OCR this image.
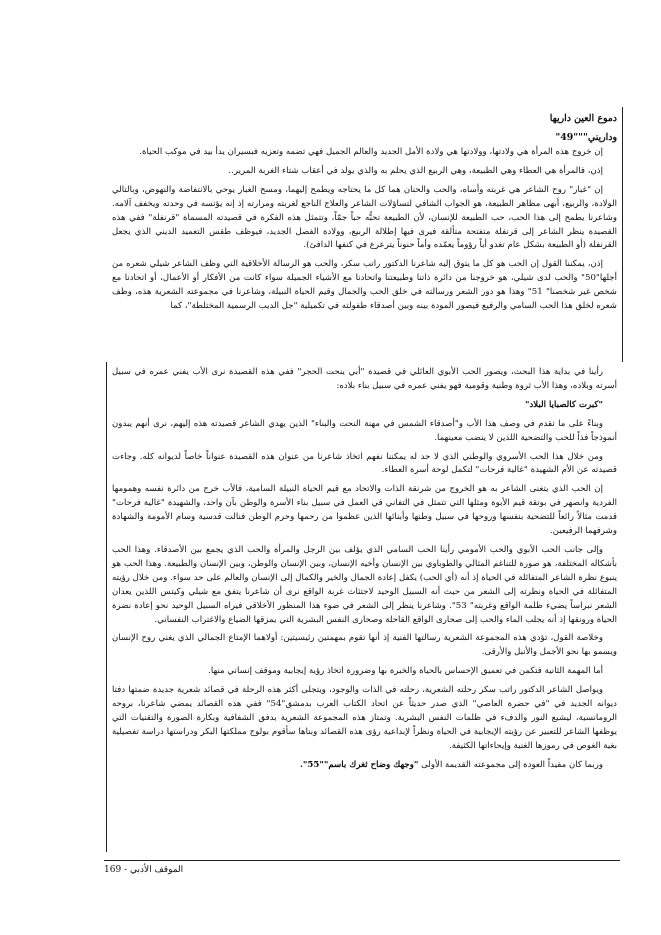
دموع العين داريها

وداريني"""49"

إن خروج هذه المرأة هي ولادتها، وولادتها هي ولادة الأمل الجديد والعالم الجميل فهي تضمه وتعزيه فبسيران يدأ بيد في موكب الحياة.

إذن، فالمرأة هي العطاء وهي الطبيعة، وهي الربيع الذي يحلم به والذي يولد في أعقاب شتاء الغربة المرير..

إن "غبار" روح الشاعر هي غربته وأساه، والحب والحنان هما كل ما يحتاجه ويطمح إليهما، ومسح الغبار يوحي بالانتفاضة والنهوض، وبالتالي الولادة، والربيع، أبهى مظاهر الطبيعة، هو الجواب الشافي لتساؤلات الشاعر والعلاج الناجع لغربته ومرارته إذ إنه يؤنسه في وحدته ويخفف آلامه. وشاعرنا يطمح إلى هذا الحب، حب الطبيعة للإنسان، لأن الطبيعة تحبُّه حباً جمّاً، وتتمثل هذه الفكرة في قصيدته المسماة "قرنفلة" ففي هذه القصيدة ينظر الشاعر إلى قرنفلة متفتحة متألقة فيرى فيها إطلالة الربيع، وولادة الفصل الجديد، فيوظف طقس التعميد الديني الذي يجعل القرنفلة (أو الطبيعة بشكل عام تغدو أباً رؤوماً يعمّده وأماً حنوناً يترعرع في كنفها الدافئ).

إذن، يمكننا القول إن الحب هو كل ما يتوق إليه شاعرنا الدكتور راتب سكر، والحب هو الرسالة الأخلاقية التي وظف الشاعر شيلي شعره من أجلها"50" والحب لدى شيلي، هو خروجنا من دائرة ذاتنا وطبيعتنا واتحادنا مع الأشياء الجميلة سواء كانت من الأفكار أو الأعمال، أو اتحادنا مع شخص غير شخصنا" 51" وهذا هو دور الشعر ورسالته في خلق الحب والجمال وقيم الحياة النبيلة، وشاعرنا في مجموعته الشعرية هذه، وظف شعره لخلق هذا الحب السامي والرفيع فيصور المودة بينه وبين أصدقاء طفولته في تكميلية "جل الديب الرسمية المختلطة"، كما

رأينا في بداية هذا البحث، ويصور الحب الأبوي العائلي في قصيدة "أبي ينحت الحجر" ففي هذه القصيدة نرى الأب يفني عمره في سبيل أسرته وبلاده، وهذا الأب ثروة وطنية وقومية فهو يفني عمره في سبيل بناء بلاده:

"كبرت كالصبايا البلاد"

وبناءً على ما تقدم في وصف هذا الأب و"أصدقاء الشمس في مهنة النحت والبناء" الذين يهدي الشاعر قصيدته هذه إليهم، نرى أنهم يبدون أنموذجاً فذاً للحب والتضحية اللذين لا ينضب معينهما.

ومن خلال هذا الحب الأسروي والوطني الذي لا حد له يمكننا نفهم اتخاذ شاعرنا من عنوان هذه القصيدة عنواناً خاصاً لديوانه كله. وجاءت قصيدته عن الأم الشهيدة "غالية فرحات" لتكمل لوحة أسرة العطاء.

إن الحب الذي يتغنى الشاعر به هو الخروج من شرنقة الذات والاتحاد مع قيم الحياة النبيلة السامية، فالأب خرج من دائرة نفسه وهمومها الفردية وانصهر في بوتقة قيم الأبوة ومثلها التي تتمثل في التفاني في العمل في سبيل بناء الأسرة والوطن بآن واحد، والشهيدة "غالية فرحات" قدمت مثالاً رائعاً للتضحية بنفسها وروحها في سبيل وطنها وأبنائها الذين عظموا من رحمها وحرم الوطن فنالت قدسية وسام الأمومة والشهادة وشرفهما الرفيعين.

وإلى جانب الحب الأبوي والحب الأمومي رأينا الحب السامي الذي يؤلف بين الرجل والمرأة والحب الذي يجمع بين الأصدقاء. وهذا الحب بأشكاله المختلفة، هو صورة للتناغم المثالي والطوباوي بين الإنسان وأخيه الإنسان، وبين الإنسان والوطن، وبين الإنسان والطبيعة. وهذا الحب هو ينبوع نظرة الشاعر المتفائلة في الحياة إذ أنه (أي الحب) يكفل إعادة الجمال والخير والكمال إلى الإنسان والعالم على حد سواء. ومن خلال رؤيته المتفائلة في الحياة ونظرته إلى الشعر من حيث أنه السبيل الوحيد لاجتثاث غربة الواقع نرى أن شاعرنا يتفق مع شيلي وكيتس اللذين يعدان الشعر نبراساً يضيء ظلمة الواقع وغربته" 53". وشاعرنا ينظر إلى الشعر في ضوء هذا المنظور الأخلاقي فيراه السبيل الوحيد نحو إعادة نضرة الحياة ورونقها إذ أنه يجلب الماء والحب إلى صحارى الواقع القاحلة وصحارى النفس البشرية التي يمزقها الضياع والاغتراب النفساني.

وخلاصة القول، تؤدي هذه المجموعة الشعرية رسالتها الفنية إذ أنها تقوم بمهمتين رئيسيتين: أولاهما الإمتاع الجمالي الذي يغني روح الإنسان ويسمو بها نحو الأجمل والأنبل والأرقى.

أما المهمة الثانية فتكمن في تعميق الإحساس بالحياة والخبرة بها وضرورة اتخاذ رؤية إيجابية وموقف إنساني منها.

ويواصل الشاعر الدكتور راتب سكر رحلته الشعرية، رحلته في الذات والوجود، ويتجلى أكثر هذه الرحلة في قصائد شعرية جديدة ضمتها دفتا ديوانه الجديد في "في حضرة العاصي" الذي صدر حديثاً عن اتحاد الكتاب العرب بدمشق"54" ففي هذه القصائد يمضي شاعرنا، بروحه الرومانسية، ليشيع النور والدفء في ظلمات النفس البشرية. وتمتاز هذه المجموعة الشعرية بدفق الشفافية وبكارة الصورة والتقنيات التي يوظفها الشاعر للتعبير عن رؤيته الإيجابية في الحياة ونظراً لإبداعية رؤى هذه القصائد وبناها سأقوم بولوج مملكتها البكر ودراستها دراسة تفصيلية بغية الغوص في رموزها الغنية وإيحاءاتها الكثيفة.

وربما كان مفيداً العودة إلى مجموعته القديمة الأولى "وجهك وضاح ثغرك باسم""55".

الموقف الأدبي - 169
